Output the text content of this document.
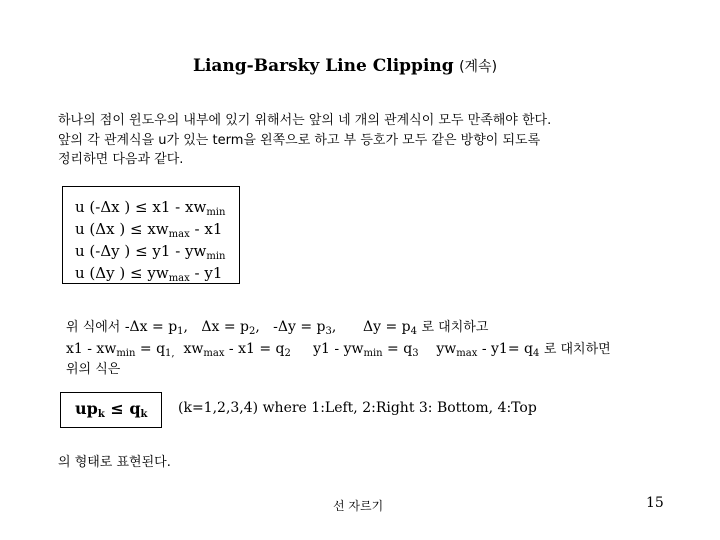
Liang-Barsky Line Clipping (계속)
하나의 점이 윈도우의 내부에 있기 위해서는 앞의 네 개의 관계식이 모두 만족해야 한다.
앞의 각 관계식을 u가 있는 term을 왼쪽으로 하고 부 등호가 모두 같은 방향이 되도록
정리하면 다음과 같다.
u (-Δx ) ≤ $x1 - xw_{min}$
u (Δx ) ≤ $xw_{max} - x1$
u (-Δy ) ≤ $y1 - yw_{min}$
u (Δy ) ≤ $yw_{max} - y1$
위 식에서 $-\Delta x = p_1$,   $\Delta x = p_2$,   $-\Delta y = p_3$,      $\Delta y = p_4$ 로 대치하고
$x1 - xw_{min} = q_{1,}$ $xw_{max} - x1 = q_2$ $y1 - yw_{min} = q_3$ $yw_{max} - y1= q_4$ 로 대치하면
위의 식은
$up_k \le q_k$	(k=1,2,3,4) where 1:Left, 2:Right 3: Bottom, 4:Top
의 형태로 표현된다.
선 자르기	15
